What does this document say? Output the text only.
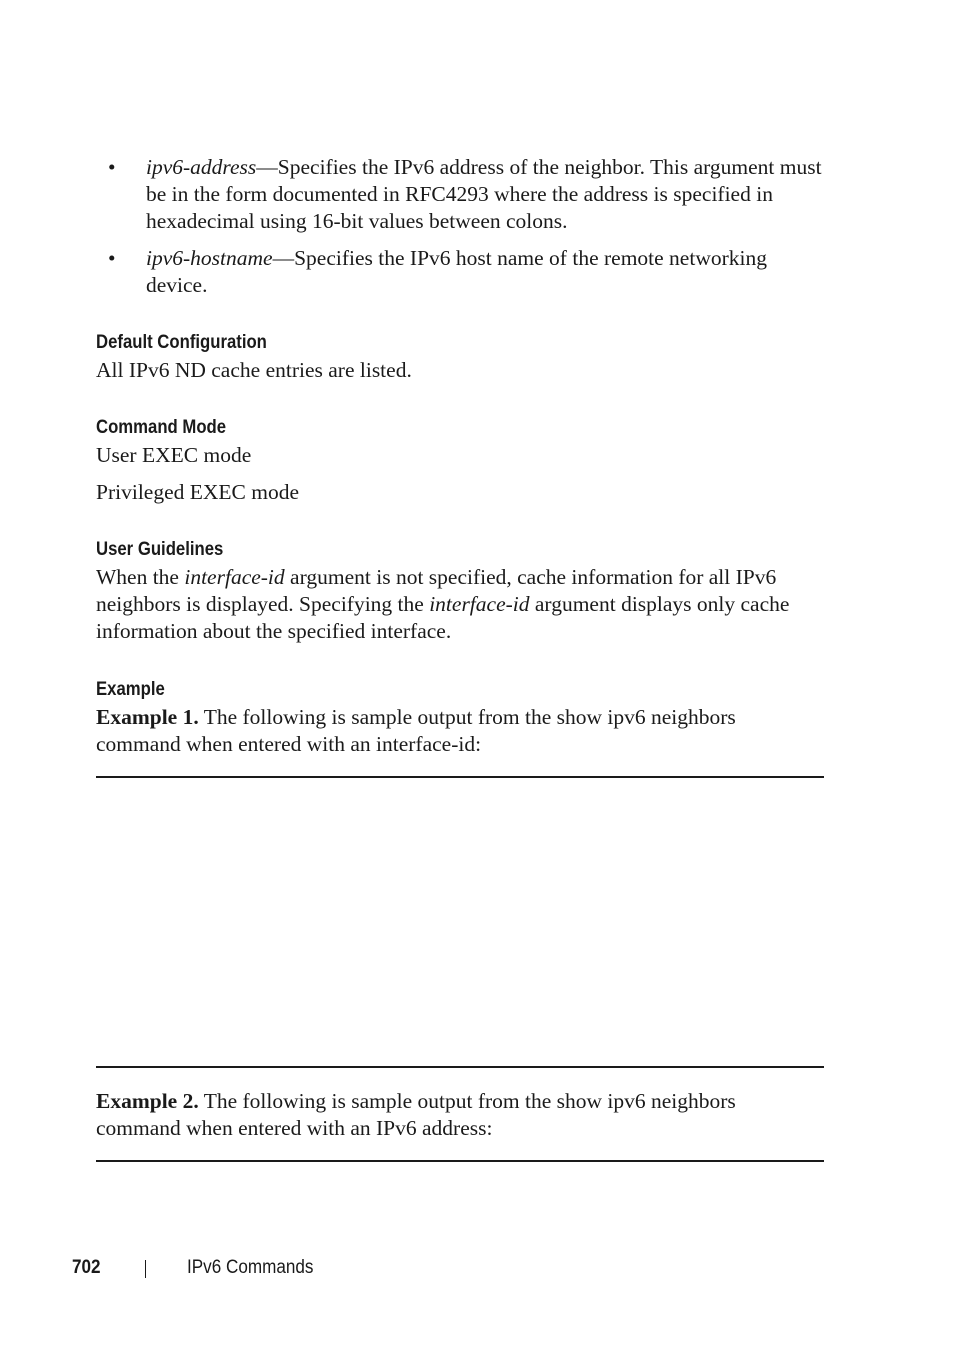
• ipv6-address—Specifies the IPv6 address of the neighbor. This argument must be in the form documented in RFC4293 where the address is specified in hexadecimal using 16-bit values between colons.
• ipv6-hostname—Specifies the IPv6 host name of the remote networking device.
Default Configuration

All IPv6 ND cache entries are listed.

Command Mode

User EXEC mode

Privileged EXEC mode

User Guidelines

When the interface-id argument is not specified, cache information for all IPv6 neighbors is displayed. Specifying the interface-id argument displays only cache information about the specified interface.

Example

Example 1. The following is sample output from the show ipv6 neighbors command when entered with an interface-id:

Example 2. The following is sample output from the show ipv6 neighbors command when entered with an IPv6 address:

702	IPv6 Commands
